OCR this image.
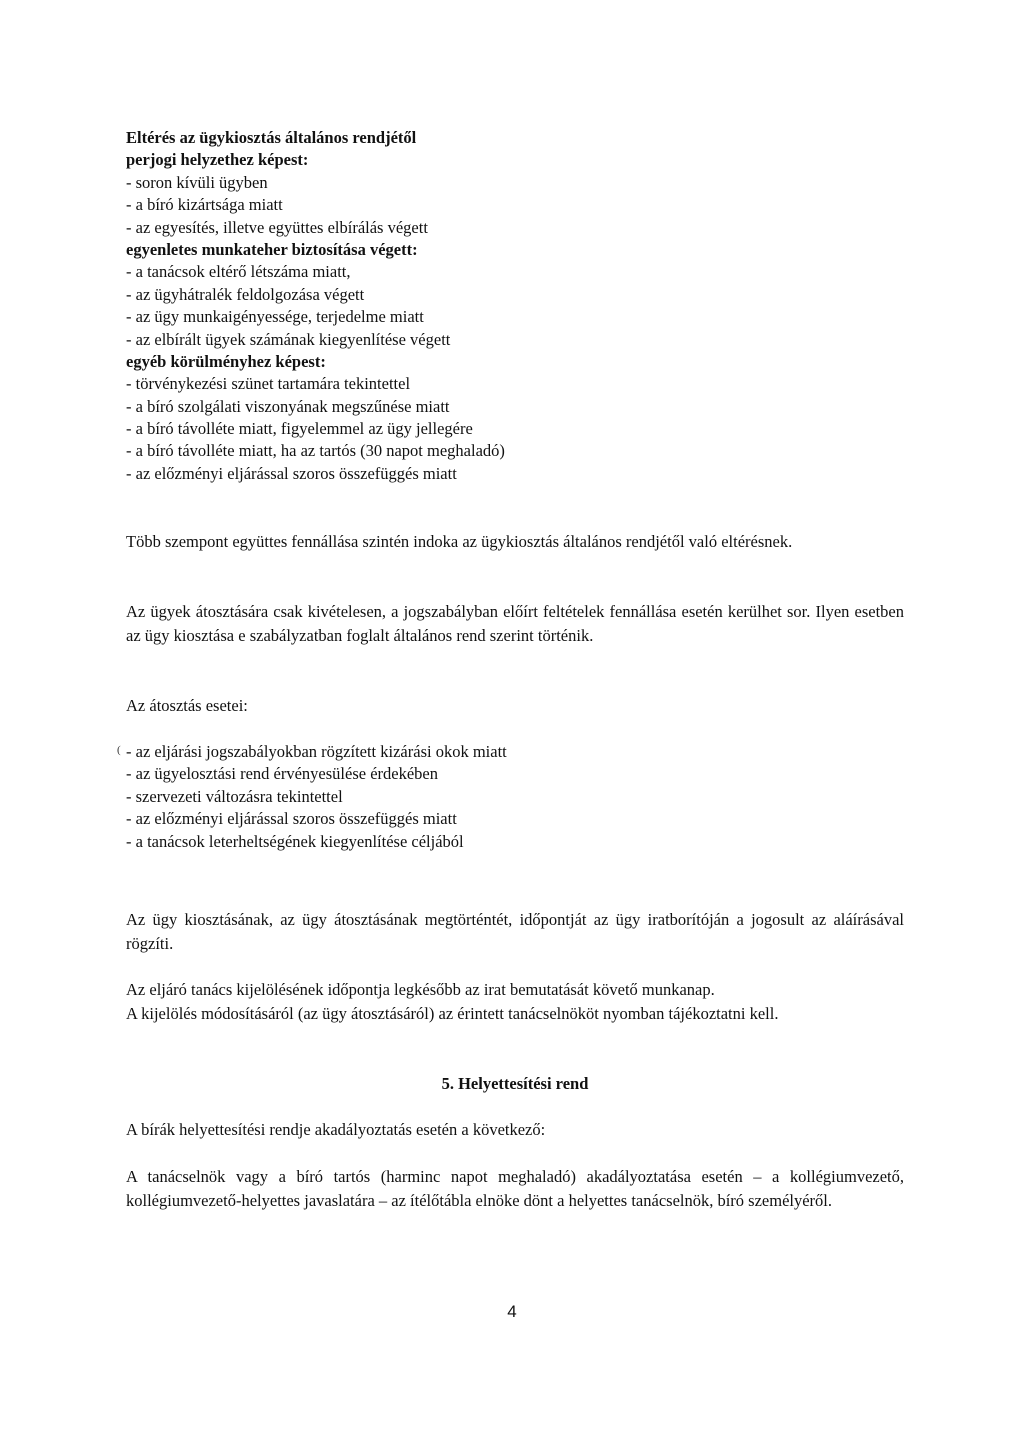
Eltérés az ügykiosztás általános rendjétől
perjogi helyzethez képest:
- soron kívüli ügyben
- a bíró kizártsága miatt
- az egyesítés, illetve együttes elbírálás végett
egyenletes munkateher biztosítása végett:
- a tanácsok eltérő létszáma miatt,
- az ügyhátralék feldolgozása végett
- az ügy munkaigényessége, terjedelme miatt
- az elbírált ügyek számának kiegyenlítése végett
egyéb körülményhez képest:
- törvénykezési szünet tartamára tekintettel
- a bíró szolgálati viszonyának megszűnése miatt
- a bíró távolléte miatt, figyelemmel az ügy jellegére
- a bíró távolléte miatt, ha az tartós (30 napot meghaladó)
- az előzményi eljárással szoros összefüggés miatt

Több szempont együttes fennállása szintén indoka az ügykiosztás általános rendjétől való eltérésnek.

Az ügyek átosztására csak kivételesen, a jogszabályban előírt feltételek fennállása esetén kerülhet sor. Ilyen esetben az ügy kiosztása e szabályzatban foglalt általános rend szerint történik.

Az átosztás esetei:

( - az eljárási jogszabályokban rögzített kizárási okok miatt
- az ügyelosztási rend érvényesülése érdekében
- szervezeti változásra tekintettel
- az előzményi eljárással szoros összefüggés miatt
- a tanácsok leterheltségének kiegyenlítése céljából

Az ügy kiosztásának, az ügy átosztásának megtörténtét, időpontját az ügy iratborítóján a jogosult az aláírásával rögzíti.

Az eljáró tanács kijelölésének időpontja legkésőbb az irat bemutatását követő munkanap.

A kijelölés módosításáról (az ügy átosztásáról) az érintett tanácselnököt nyomban tájékoztatni kell.

5. Helyettesítési rend

A bírák helyettesítési rendje akadályoztatás esetén a következő:

A tanácselnök vagy a bíró tartós (harminc napot meghaladó) akadályoztatása esetén – a kollégiumvezető, kollégiumvezető-helyettes javaslatára – az ítélőtábla elnöke dönt a helyettes tanácselnök, bíró személyéről.

4
